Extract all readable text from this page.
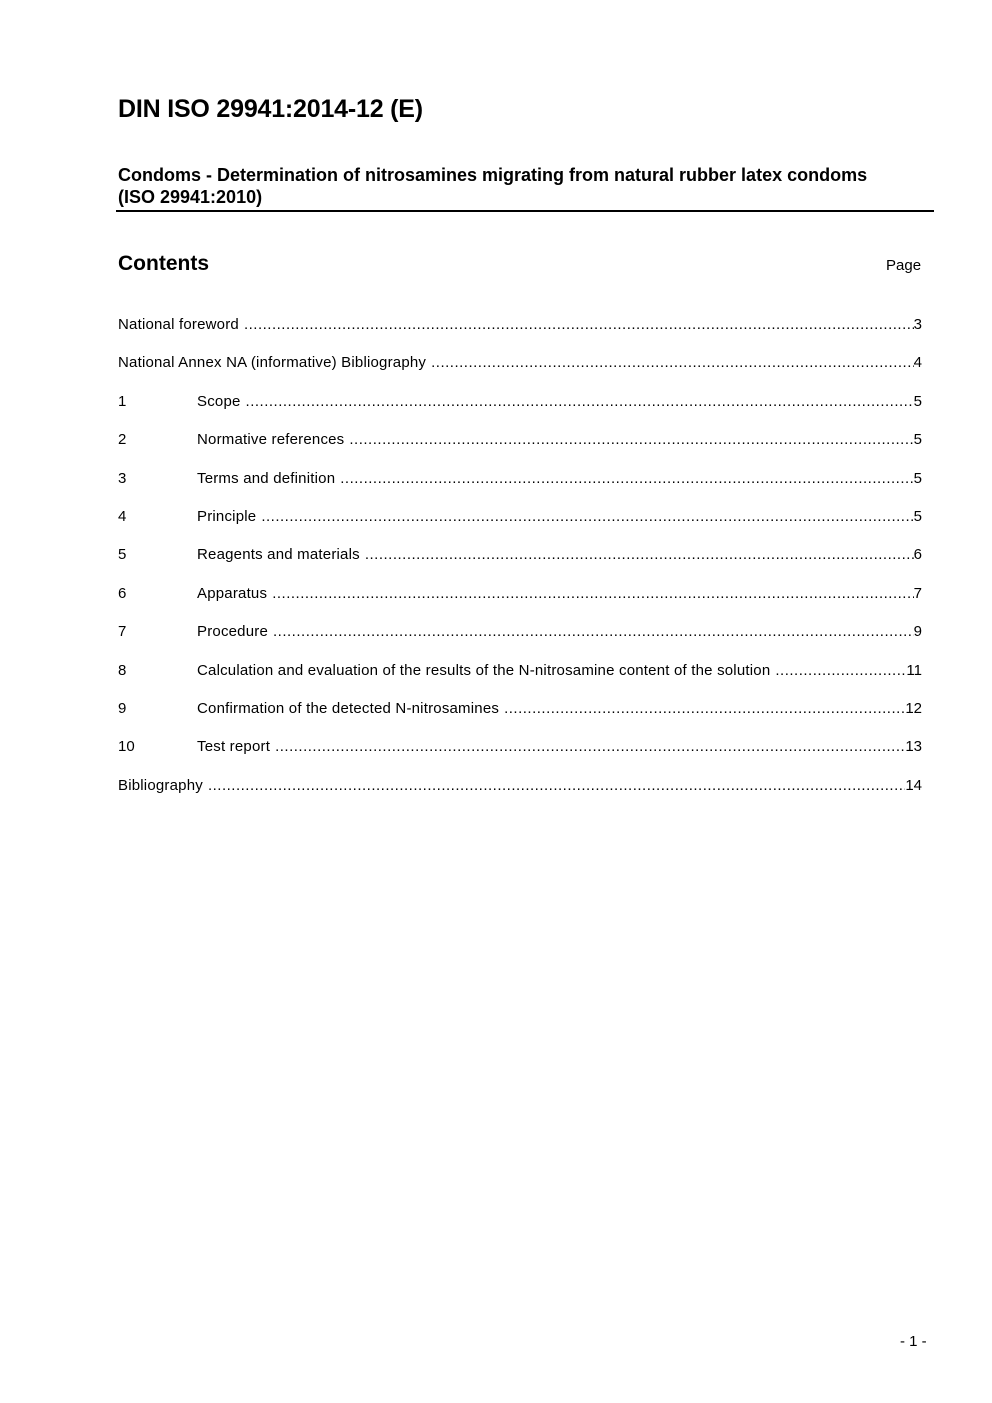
DIN ISO 29941:2014-12 (E)
Condoms - Determination of nitrosamines migrating from natural rubber latex condoms (ISO 29941:2010)
Contents	Page
National foreword .....	3
National Annex NA (informative) Bibliography .....	4
1	Scope .....	5
2	Normative references .....	5
3	Terms and definition .....	5
4	Principle .....	5
5	Reagents and materials .....	6
6	Apparatus .....	7
7	Procedure .....	9
8	Calculation and evaluation of the results of the N-nitrosamine content of the solution .....	11
9	Confirmation of the detected N-nitrosamines .....	12
10	Test report .....	13
Bibliography .....	14
- 1 -
